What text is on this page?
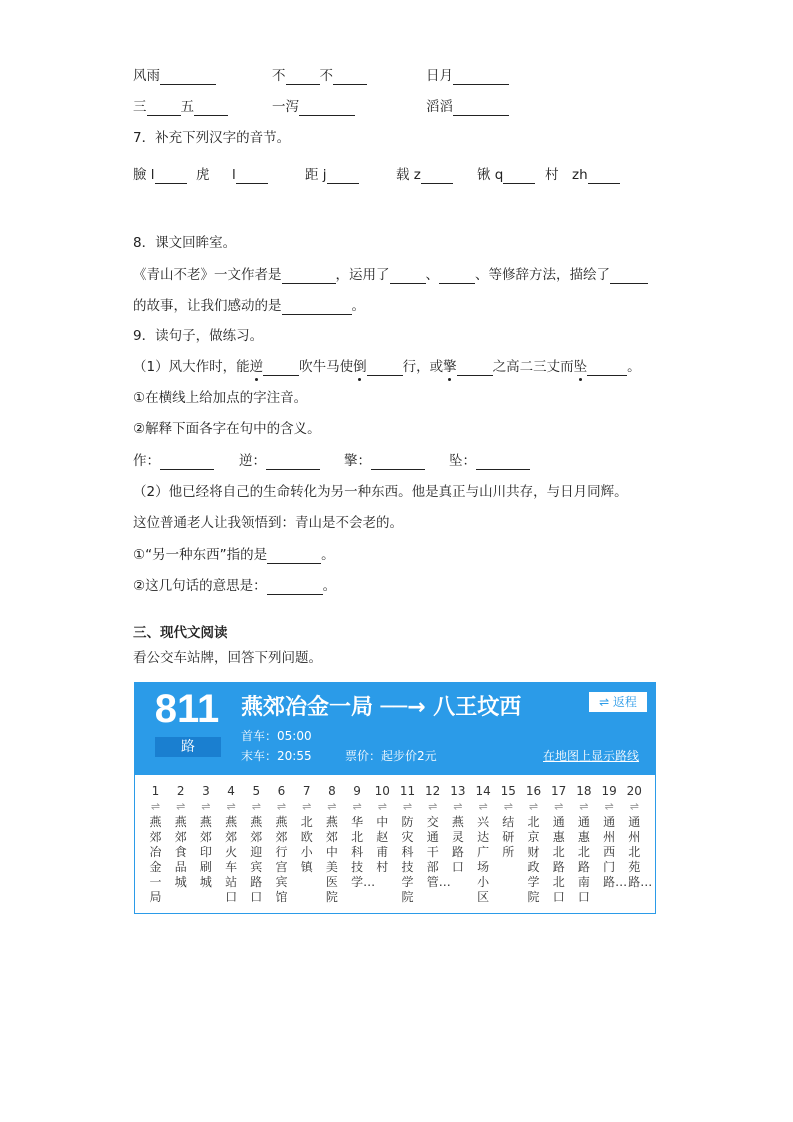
风雨	不	不	日月
三	五	一泻	滔滔
7．补充下列汉字的音节。
臉 l	虎 l	距 j	载 z	锹 q	村 zh
8．课文回眸室。
《青山不老》一文作者是	，运用了	、	、等修辞方法，描绘了
的故事，让我们感动的是	。
9．读句子，做练习。
（1）风大作时，能逆	吹牛马使倒	行，或擎	之高二三丈而坠	。
①在横线上给加点的字注音。
②解释下面各字在句中的含义。
作：	逆：	擎：	坠：
（2）他已经将自己的生命转化为另一种东西。他是真正与山川共存，与日月同辉。
这位普通老人让我领悟到：青山是不会老的。
①“另一种东西”指的是	。
②这几句话的意思是：	。
三、现代文阅读
看公交车站牌，回答下列问题。
811
路
燕郊冶金一局 ──→ 八王坟西	⇌ 返程
首车：05:00
末车：20:55	票价：起步价2元	在地图上显示路线
1
⇌
燕郊冶金一局
2
⇌
燕郊食品城
3
⇌
燕郊印刷城
4
⇌
燕郊火车站口
5
⇌
燕郊迎宾路口
6
⇌
燕郊行宫宾馆
7
⇌
北欧小镇
8
⇌
燕郊中美医院
9
⇌
华北科技学…
10
⇌
中赵甫村
11
⇌
防灾科技学院
12
⇌
交通干部管…
13
⇌
燕灵路口
14
⇌
兴达广场小区
15
⇌
结研所
16
⇌
北京财政学院
17
⇌
通惠北路北口
18
⇌
通惠北路南口
19
⇌
通州西门路…
20
⇌
通州北苑路…
